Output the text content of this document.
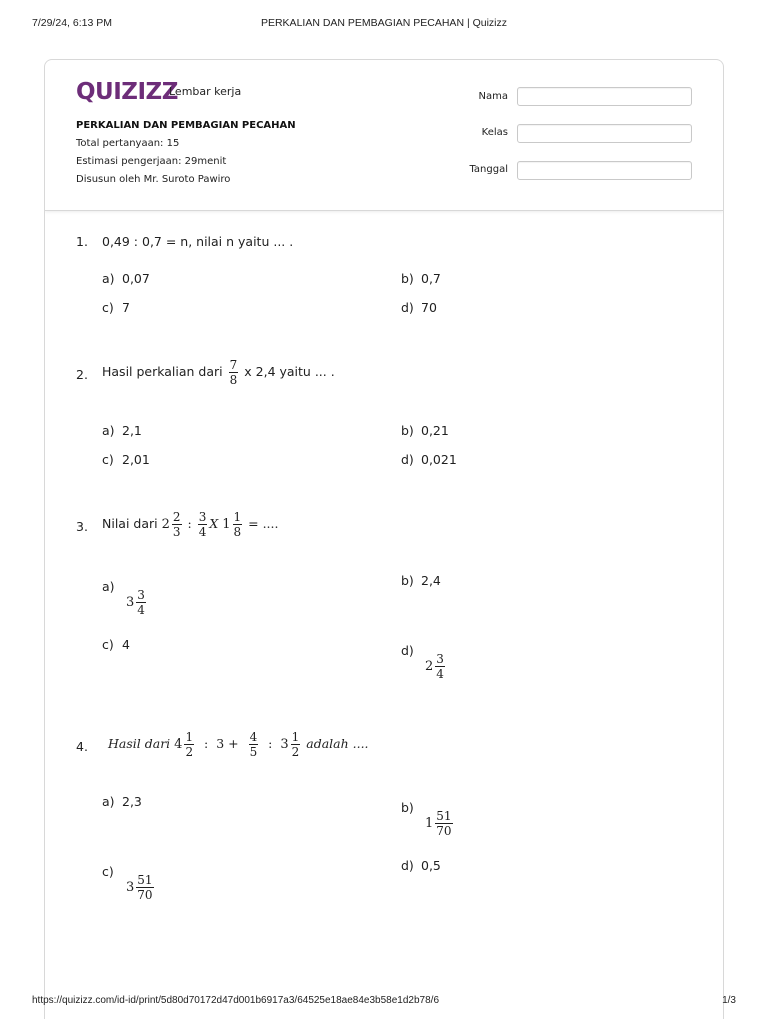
7/29/24, 6:13 PM	PERKALIAN DAN PEMBAGIAN PECAHAN | Quizizz
QUIZIZZ
Lembar kerja
PERKALIAN DAN PEMBAGIAN PECAHAN
Total pertanyaan: 15
Estimasi pengerjaan: 29menit
Disusun oleh Mr. Suroto Pawiro
Nama
Kelas
Tanggal
1. 0,49 : 0,7 = n, nilai n yaitu ... .
a) 0,07	b) 0,7
c) 7	d) 70
2. Hasil perkalian dari $\frac{7}{8}$ x 2,4 yaitu ... .
a) 2,1	b) 0,21
c) 2,01	d) 0,021
3. Nilai dari $2 \frac{2}{3}$ : $\frac{3}{4}$ X $1 \frac{1}{8}$ = ....
a) $3 \frac{3}{4}$
b) 2,4
c) 4	d) $2 \frac{3}{4}$
4. Hasil dari $4 \frac{1}{2}$ : $3 + \frac{4}{5}$ : $3 \frac{1}{2}$ adalah ....
a) 2,3	b) $1 \frac{51}{70}$
c) $3 \frac{51}{70}$
d) 0,5
https://quizizz.com/id-id/print/5d80d70172d47d001b6917a3/64525e18ae84e3b58e1d2b78/6	1/3
